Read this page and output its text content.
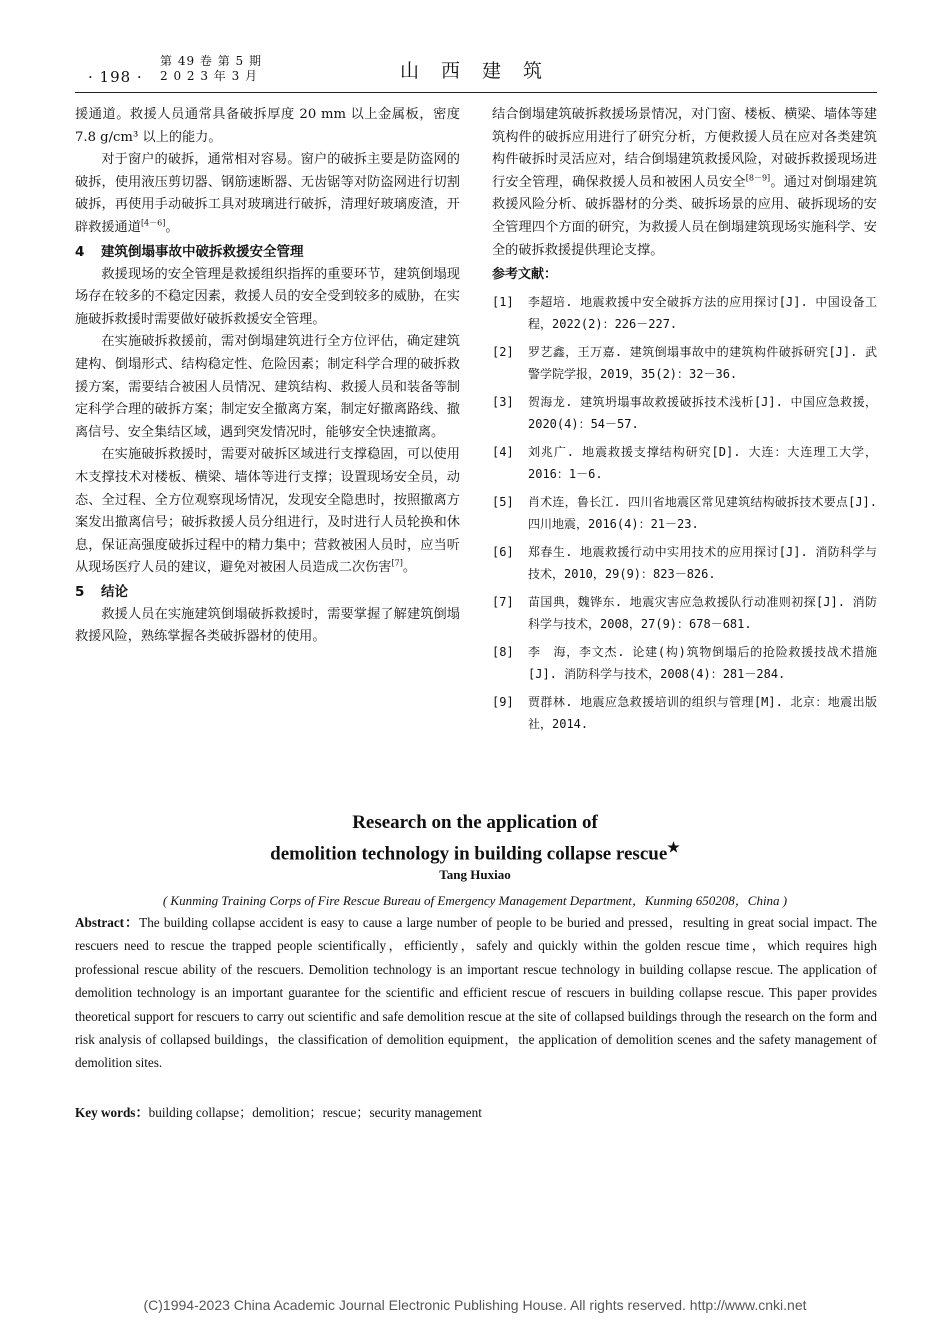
· 198 ·
第 49 卷 第 5 期
2 0 2 3 年 3 月	山西建筑

援通道。救援人员通常具备破拆厚度 20 mm 以上金属板，密度 7.8 g/cm³ 以上的能力。

对于窗户的破拆，通常相对容易。窗户的破拆主要是防盗网的破拆，使用液压剪切器、钢筋速断器、无齿锯等对防盗网进行切割破拆，再使用手动破拆工具对玻璃进行破拆，清理好玻璃废渣，开辟救援通道[4－6]。

4 建筑倒塌事故中破拆救援安全管理

救援现场的安全管理是救援组织指挥的重要环节，建筑倒塌现场存在较多的不稳定因素，救援人员的安全受到较多的威胁，在实施破拆救援时需要做好破拆救援安全管理。

在实施破拆救援前，需对倒塌建筑进行全方位评估，确定建筑建构、倒塌形式、结构稳定性、危险因素；制定科学合理的破拆救援方案，需要结合被困人员情况、建筑结构、救援人员和装备等制定科学合理的破拆方案；制定安全撤离方案，制定好撤离路线、撤离信号、安全集结区域，遇到突发情况时，能够安全快速撤离。

在实施破拆救援时，需要对破拆区域进行支撑稳固，可以使用木支撑技术对楼板、横梁、墙体等进行支撑；设置现场安全员，动态、全过程、全方位观察现场情况，发现安全隐患时，按照撤离方案发出撤离信号；破拆救援人员分组进行，及时进行人员轮换和休息，保证高强度破拆过程中的精力集中；营救被困人员时，应当听从现场医疗人员的建议，避免对被困人员造成二次伤害[7]。

5 结论

救援人员在实施建筑倒塌破拆救援时，需要掌握了解建筑倒塌救援风险，熟练掌握各类破拆器材的使用。

结合倒塌建筑破拆救援场景情况，对门窗、楼板、横梁、墙体等建筑构件的破拆应用进行了研究分析，方便救援人员在应对各类建筑构件破拆时灵活应对，结合倒塌建筑救援风险，对破拆救援现场进行安全管理，确保救援人员和被困人员安全[8－9]。通过对倒塌建筑救援风险分析、破拆器材的分类、破拆场景的应用、破拆现场的安全管理四个方面的研究，为救援人员在倒塌建筑现场实施科学、安全的破拆救援提供理论支撑。

参考文献：
[1]	李超培. 地震救援中安全破拆方法的应用探讨[J]. 中国设备工程，2022(2)：226－227.
[2]	罗艺鑫，王万嘉. 建筑倒塌事故中的建筑构件破拆研究[J]. 武警学院学报，2019，35(2)：32－36.
[3]	贺海龙. 建筑坍塌事故救援破拆技术浅析[J]. 中国应急救援，2020(4)：54－57.
[4]	刘兆广. 地震救援支撑结构研究[D]. 大连：大连理工大学，2016：1－6.
[5]	肖术连，鲁长江. 四川省地震区常见建筑结构破拆技术要点[J]. 四川地震，2016(4)：21－23.
[6]	郑春生. 地震救援行动中实用技术的应用探讨[J]. 消防科学与技术，2010，29(9)：823－826.
[7]	苗国典，魏铧东. 地震灾害应急救援队行动准则初探[J]. 消防科学与技术，2008，27(9)：678－681.
[8]	李　海，李文杰. 论建(构)筑物倒塌后的抢险救援技战术措施[J]. 消防科学与技术，2008(4)：281－284.
[9]	贾群林. 地震应急救援培训的组织与管理[M]. 北京：地震出版社，2014.
Research on the application of
demolition technology in building collapse rescue★
Tang Huxiao
( Kunming Training Corps of Fire Rescue Bureau of Emergency Management Department，Kunming 650208，China )
Abstract：The building collapse accident is easy to cause a large number of people to be buried and pressed，resulting in great social impact. The rescuers need to rescue the trapped people scientifically，efficiently，safely and quickly within the golden rescue time，which requires high professional rescue ability of the rescuers. Demolition technology is an important rescue technology in building collapse rescue. The application of demolition technology is an important guarantee for the scientific and efficient rescue of rescuers in building collapse rescue. This paper provides theoretical support for rescuers to carry out scientific and safe demolition rescue at the site of collapsed buildings through the research on the form and risk analysis of collapsed buildings，the classification of demolition equipment，the application of demolition scenes and the safety management of demolition sites.
Key words：building collapse；demolition；rescue；security management
(C)1994-2023 China Academic Journal Electronic Publishing House. All rights reserved. http://www.cnki.net
